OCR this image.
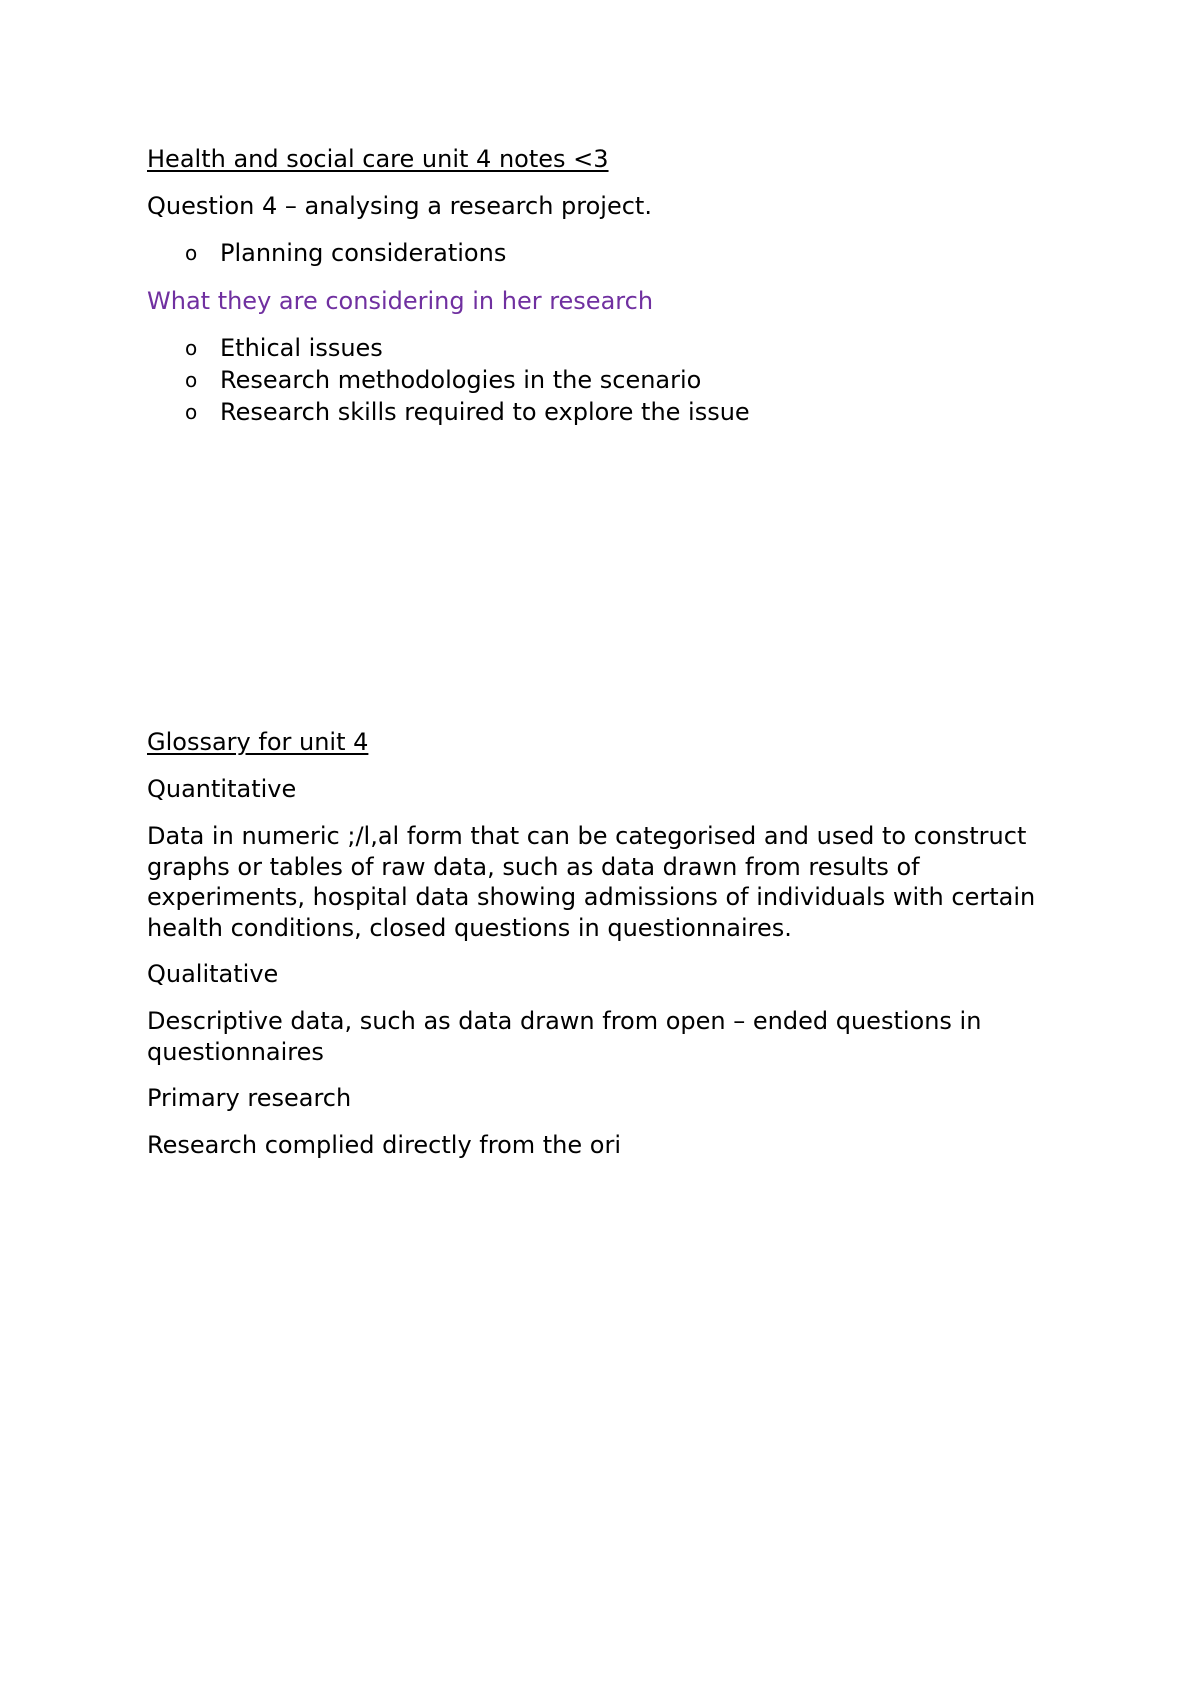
Health and social care unit 4 notes <3
Question 4 – analysing a research project.
o Planning considerations
What they are considering in her research
o Ethical issues
o Research methodologies in the scenario
o Research skills required to explore the issue
Glossary for unit 4
Quantitative
Data in numeric ;/l,al form that can be categorised and used to construct
graphs or tables of raw data, such as data drawn from results of
experiments, hospital data showing admissions of individuals with certain
health conditions, closed questions in questionnaires.
Qualitative
Descriptive data, such as data drawn from open – ended questions in
questionnaires
Primary research
Research complied directly from the ori
